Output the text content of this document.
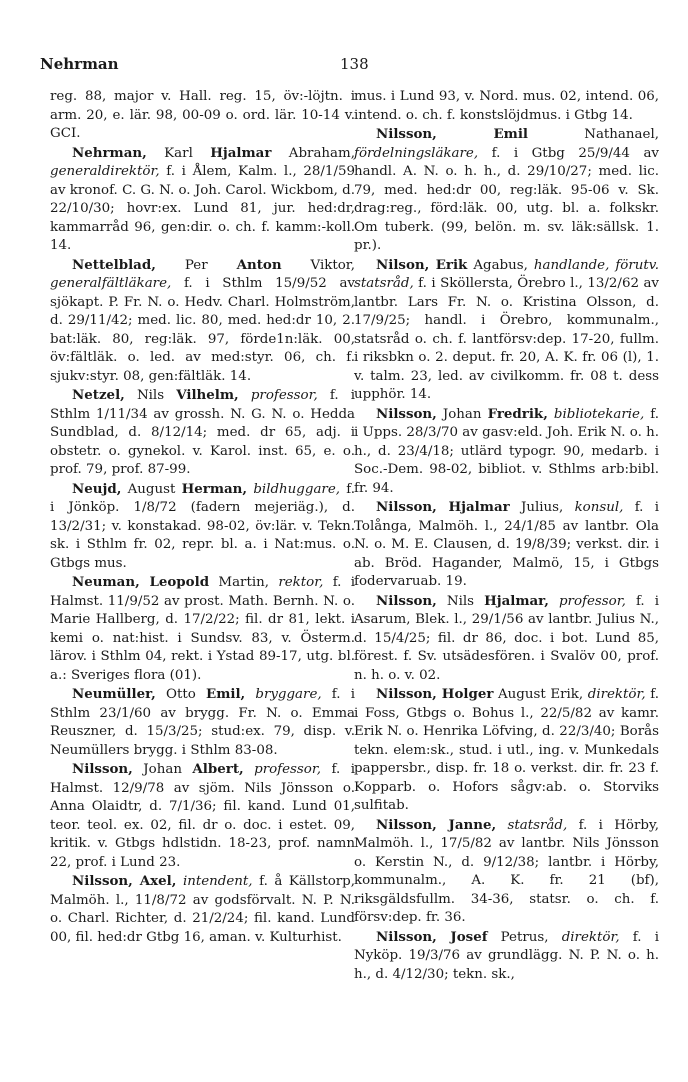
Nehrman	138

reg. 88, major v. Hall. reg. 15, öv:-löjtn. i arm. 20, e. lär. 98, 00-09 o. ord. lär. 10-14 v. GCI.

Nehrman, Karl Hjalmar Abraham, generaldirektör, f. i Ålem, Kalm. l., 28/1/59 av kronof. C. G. N. o. Joh. Carol. Wickbom, d. 22/10/30; hovr:ex. Lund 81, jur. hed:dr, kammarråd 96, gen:dir. o. ch. f. kamm:-koll. 14.

Nettelblad, Per Anton Viktor, generalfältläkare, f. i Sthlm 15/9/52 av sjökapt. P. Fr. N. o. Hedv. Charl. Holmström, d. 29/11/42; med. lic. 80, med. hed:dr 10, 2. bat:läk. 80, reg:läk. 97, förde1n:läk. 00, öv:fältläk. o. led. av med:styr. 06, ch. f. sjukv:styr. 08, gen:fältläk. 14.

Netzel, Nils Vilhelm, professor, f. i Sthlm 1/11/34 av grossh. N. G. N. o. Hedda Sundblad, d. 8/12/14; med. dr 65, adj. i obstetr. o. gynekol. v. Karol. inst. 65, e. o. prof. 79, prof. 87-99.

Neujd, August Herman, bildhuggare, f. i Jönköp. 1/8/72 (fadern mejeriäg.), d. 13/2/31; v. konstakad. 98-02, öv:lär. v. Tekn. sk. i Sthlm fr. 02, repr. bl. a. i Nat:mus. o. Gtbgs mus.

Neuman, Leopold Martin, rektor, f. i Halmst. 11/9/52 av prost. Math. Bernh. N. o. Marie Hallberg, d. 17/2/22; fil. dr 81, lekt. i kemi o. nat:hist. i Sundsv. 83, v. Österm. lärov. i Sthlm 04, rekt. i Ystad 89-17, utg. bl. a.: Sveriges flora (01).

Neumüller, Otto Emil, bryggare, f. i Sthlm 23/1/60 av brygg. Fr. N. o. Emma Reuszner, d. 15/3/25; stud:ex. 79, disp. v. Neumüllers brygg. i Sthlm 83-08.

Nilsson, Johan Albert, professor, f. i Halmst. 12/9/78 av sjöm. Nils Jönsson o. Anna Olaidtr, d. 7/1/36; fil. kand. Lund 01, teor. teol. ex. 02, fil. dr o. doc. i estet. 09, kritik. v. Gtbgs hdlstidn. 18-23, prof. namn 22, prof. i Lund 23.

Nilsson, Axel, intendent, f. å Källstorp, Malmöh. l., 11/8/72 av godsförvalt. N. P. N. o. Charl. Richter, d. 21/2/24; fil. kand. Lund 00, fil. hed:dr Gtbg 16, aman. v. Kulturhist.

mus. i Lund 93, v. Nord. mus. 02, intend. 06, intend. o. ch. f. konstslöjdmus. i Gtbg 14.

Nilsson, Emil Nathanael, fördelningsläkare, f. i Gtbg 25/9/44 av handl. A. N. o. h. h., d. 29/10/27; med. lic. 79, med. hed:dr 00, reg:läk. 95-06 v. Sk. drag:reg., förd:läk. 00, utg. bl. a. folkskr. Om tuberk. (99, belön. m. sv. läk:sällsk. 1. pr.).

Nilson, Erik Agabus, handlande, förutv. statsråd, f. i Sköllersta, Örebro l., 13/2/62 av lantbr. Lars Fr. N. o. Kristina Olsson, d. 17/9/25; handl. i Örebro, kommunalm., statsråd o. ch. f. lantförsv:dep. 17-20, fullm. i riksbkn o. 2. deput. fr. 20, A. K. fr. 06 (l), 1. v. talm. 23, led. av civilkomm. fr. 08 t. dess upphör. 14.

Nilsson, Johan Fredrik, bibliotekarie, f. i Upps. 28/3/70 av gasv:eld. Joh. Erik N. o. h. h., d. 23/4/18; utlärd typogr. 90, medarb. i Soc.-Dem. 98-02, bibliot. v. Sthlms arb:bibl. fr. 94.

Nilsson, Hjalmar Julius, konsul, f. i Tolånga, Malmöh. l., 24/1/85 av lantbr. Ola N. o. M. E. Clausen, d. 19/8/39; verkst. dir. i ab. Bröd. Hagander, Malmö, 15, i Gtbgs fodervaruab. 19.

Nilsson, Nils Hjalmar, professor, f. i Asarum, Blek. l., 29/1/56 av lantbr. Julius N., d. 15/4/25; fil. dr 86, doc. i bot. Lund 85, förest. f. Sv. utsädesfören. i Svalöv 00, prof. n. h. o. v. 02.

Nilsson, Holger August Erik, direktör, f. i Foss, Gtbgs o. Bohus l., 22/5/82 av kamr. Erik N. o. Henrika Löfving, d. 22/3/40; Borås tekn. elem:sk., stud. i utl., ing. v. Munkedals pappersbr., disp. fr. 18 o. verkst. dir. fr. 23 f. Kopparb. o. Hofors sågv:ab. o. Storviks sulfitab.

Nilsson, Janne, statsråd, f. i Hörby, Malmöh. l., 17/5/82 av lantbr. Nils Jönsson o. Kerstin N., d. 9/12/38; lantbr. i Hörby, kommunalm., A. K. fr. 21 (bf), riksgäldsfullm. 34-36, statsr. o. ch. f. försv:dep. fr. 36.

Nilsson, Josef Petrus, direktör, f. i Nyköp. 19/3/76 av grundlägg. N. P. N. o. h. h., d. 4/12/30; tekn. sk.,
